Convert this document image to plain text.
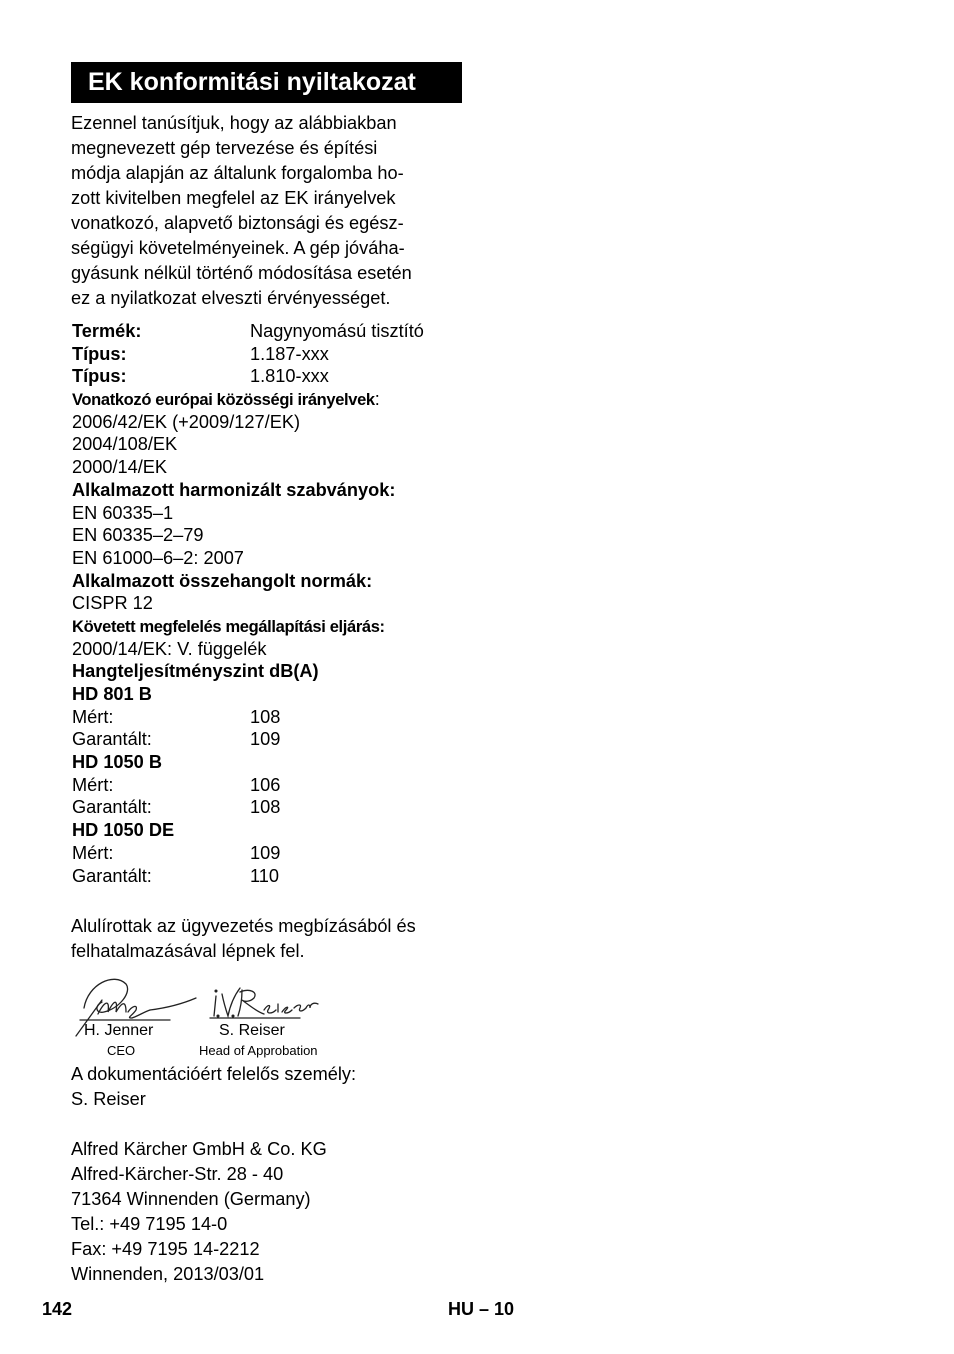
EK konformitási nyiltakozat
Ezennel tanúsítjuk, hogy az alábbiakban
megnevezett gép tervezése és építési
módja alapján az általunk forgalomba ho-
zott kivitelben megfelel az EK irányelvek
vonatkozó, alapvető biztonsági és egész-
ségügyi követelményeinek. A gép jóváha-
gyásunk nélkül történő módosítása esetén
ez a nyilatkozat elveszti érvényességet.
Termék:	Nagynyomású tisztító
Típus:	1.187-xxx
Típus:	1.810-xxx
Vonatkozó európai közösségi irányelvek:
2006/42/EK (+2009/127/EK)
2004/108/EK
2000/14/EK
Alkalmazott harmonizált szabványok:
EN 60335–1
EN 60335–2–79
EN 61000–6–2: 2007
Alkalmazott összehangolt normák:
CISPR 12
Követett megfelelés megállapítási eljárás:
2000/14/EK: V. függelék
Hangteljesítményszint dB(A)
HD 801 B
Mért:	108
Garantált:	109
HD 1050 B
Mért:	106
Garantált:	108
HD 1050 DE
Mért:	109
Garantált:	110
Alulírottak az ügyvezetés megbízásából és
felhatalmazásával lépnek fel.
H. Jenner
CEO
S. Reiser
Head of Approbation
A dokumentációért felelős személy:
S. Reiser
Alfred Kärcher GmbH & Co. KG
Alfred-Kärcher-Str. 28 - 40
71364 Winnenden (Germany)
Tel.: +49 7195 14-0
Fax: +49 7195 14-2212
Winnenden, 2013/03/01
142	HU – 10
